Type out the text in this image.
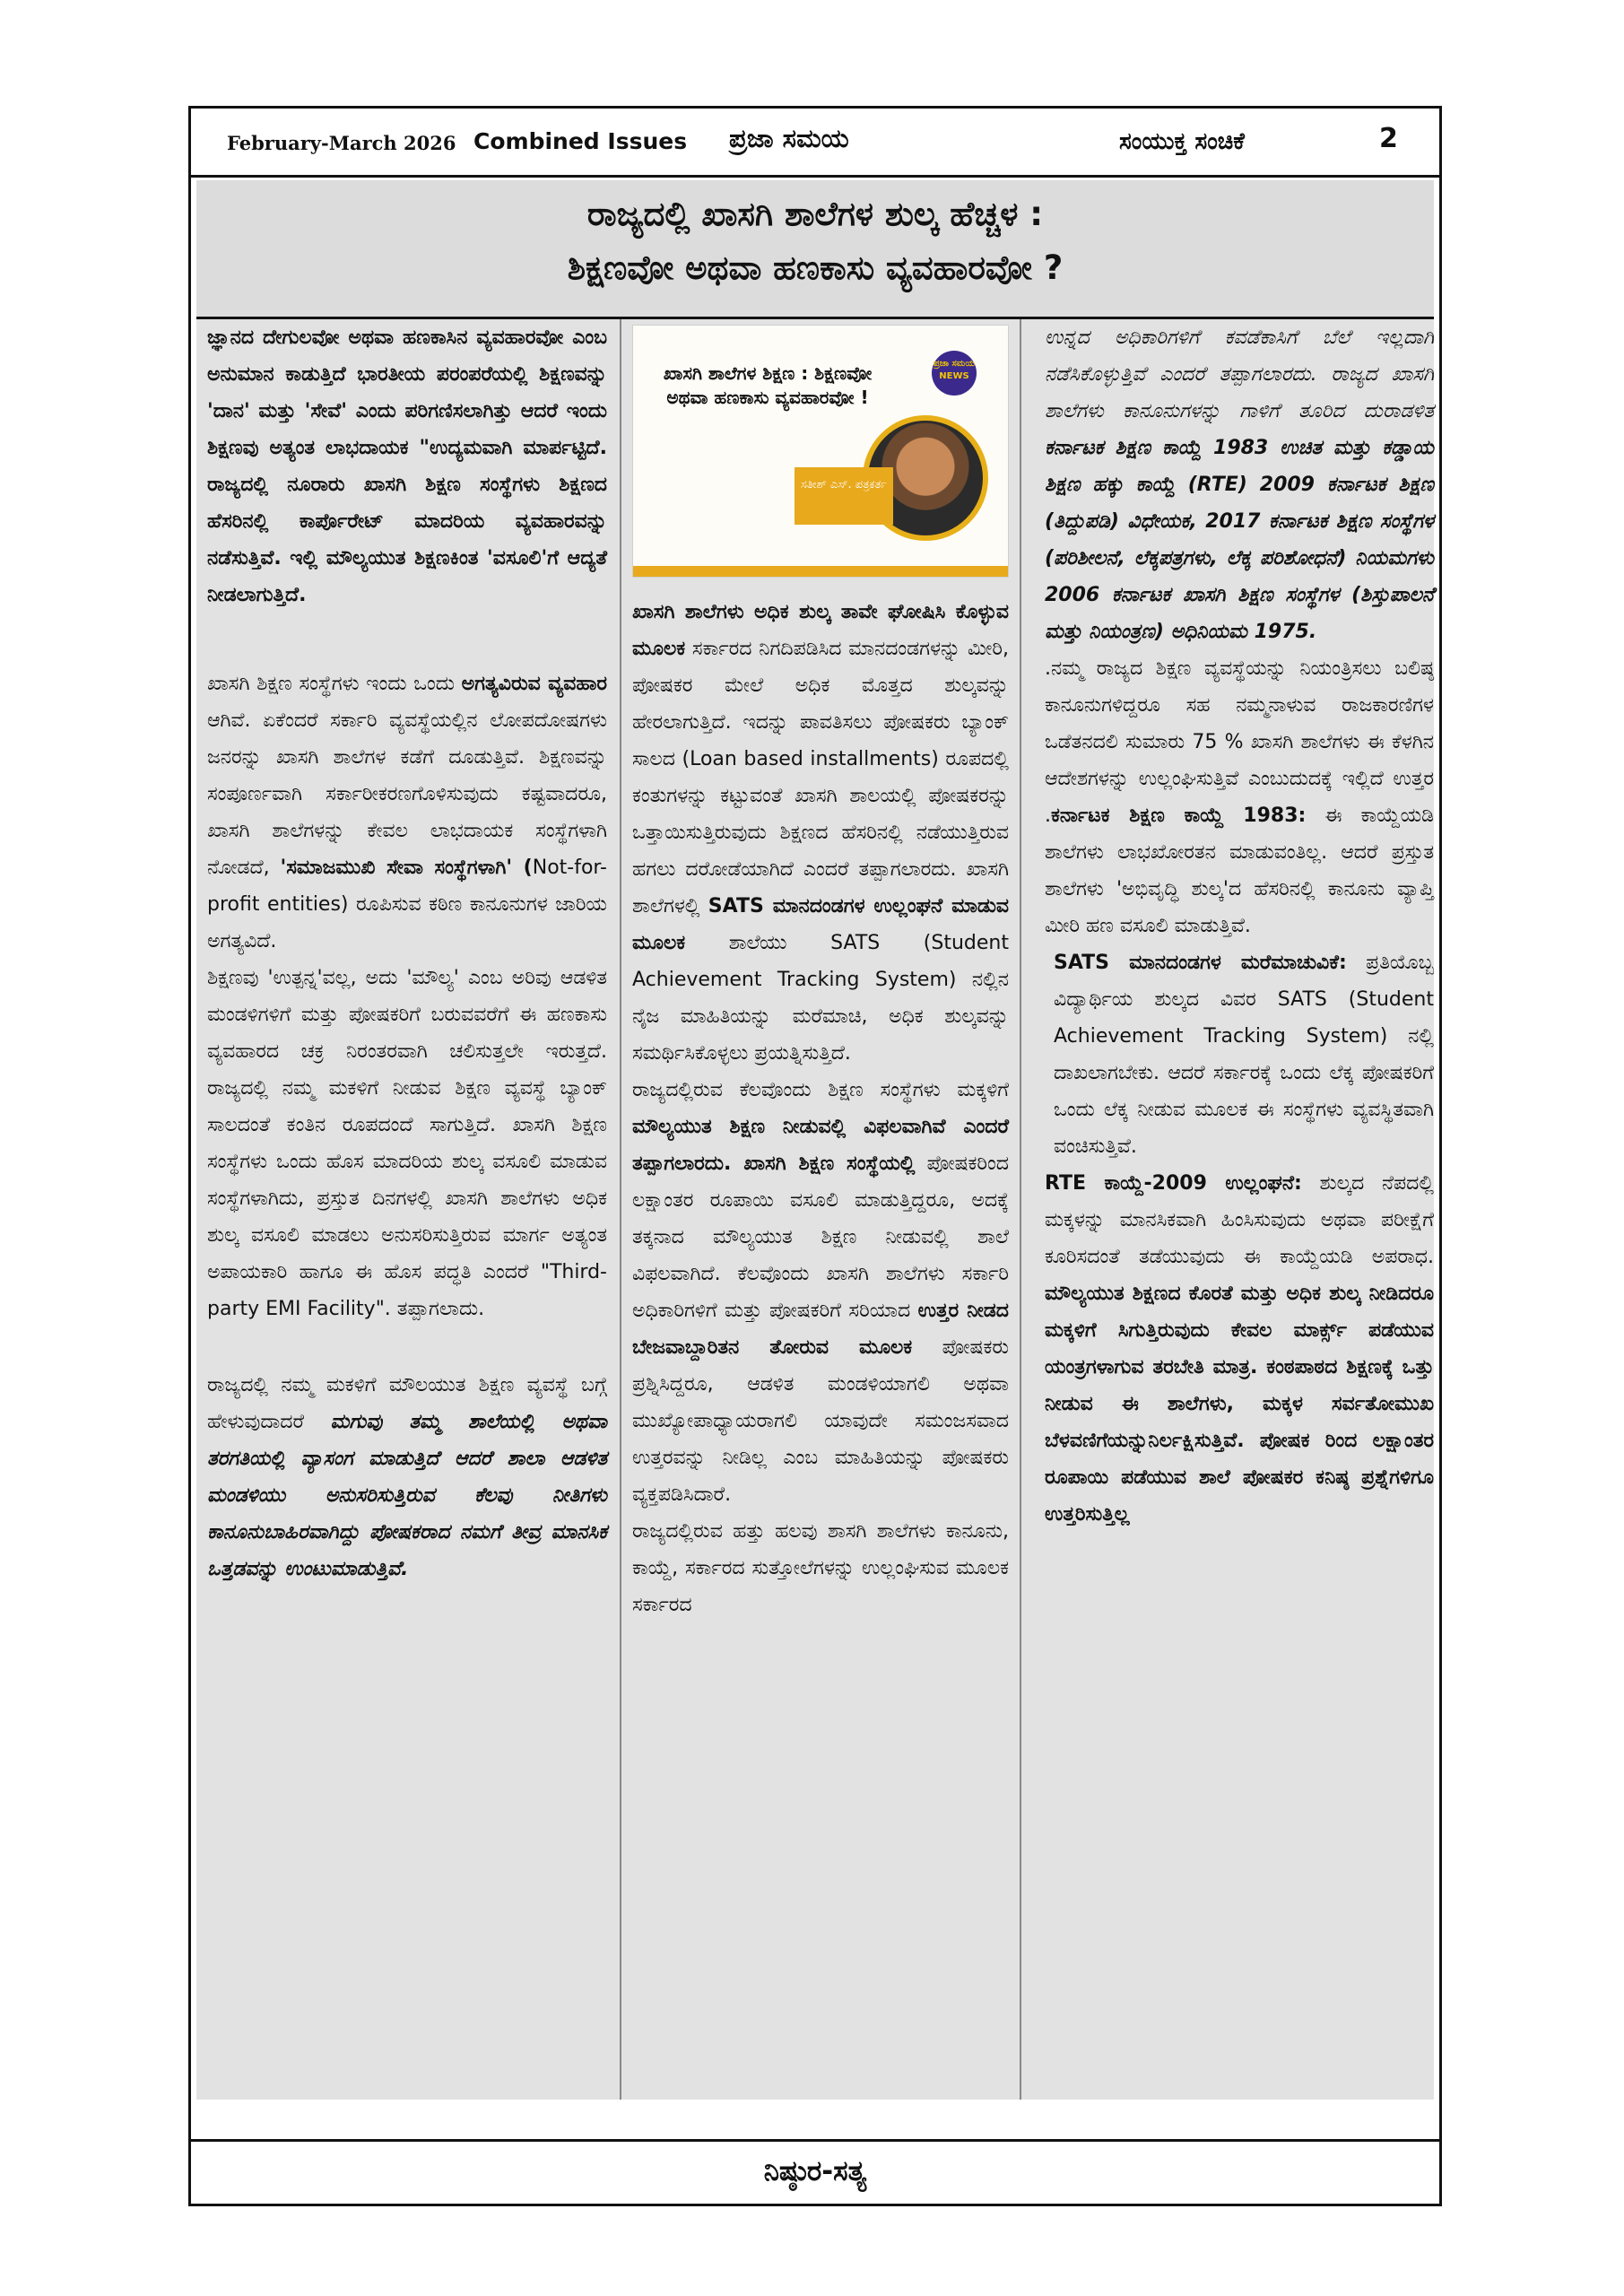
February-March 2026 Combined Issues ಪ್ರಜಾ ಸಮಯ	ಸಂಯುಕ್ತ ಸಂಚಿಕೆ	2
ರಾಜ್ಯದಲ್ಲಿ ಖಾಸಗಿ ಶಾಲೆಗಳ ಶುಲ್ಕ ಹೆಚ್ಚಳ :
ಶಿಕ್ಷಣವೋ ಅಥವಾ ಹಣಕಾಸು ವ್ಯವಹಾರವೋ ?

ಜ್ಞಾನದ ದೇಗುಲವೋ ಅಥವಾ ಹಣಕಾಸಿನ ವ್ಯವಹಾರವೋ ಎಂಬ ಅನುಮಾನ ಕಾಡುತ್ತಿದೆ ಭಾರತೀಯ ಪರಂಪರೆಯಲ್ಲಿ ಶಿಕ್ಷಣವನ್ನು 'ದಾನ' ಮತ್ತು 'ಸೇವೆ' ಎಂದು ಪರಿಗಣಿಸಲಾಗಿತ್ತು ಆದರೆ ಇಂದು ಶಿಕ್ಷಣವು ಅತ್ಯಂತ ಲಾಭದಾಯಕ "ಉದ್ಯಮವಾಗಿ ಮಾರ್ಪಟ್ಟಿದೆ. ರಾಜ್ಯದಲ್ಲಿ ನೂರಾರು ಖಾಸಗಿ ಶಿಕ್ಷಣ ಸಂಸ್ಥೆಗಳು ಶಿಕ್ಷಣದ ಹೆಸರಿನಲ್ಲಿ ಕಾರ್ಪೊರೇಟ್ ಮಾದರಿಯ ವ್ಯವಹಾರವನ್ನು ನಡೆಸುತ್ತಿವೆ. ಇಲ್ಲಿ ಮೌಲ್ಯಯುತ ಶಿಕ್ಷಣಕಿಂತ 'ವಸೂಲಿ'ಗೆ ಆದ್ಯತೆ ನೀಡಲಾಗುತ್ತಿದೆ.

ಖಾಸಗಿ ಶಿಕ್ಷಣ ಸಂಸ್ಥೆಗಳು ಇಂದು ಒಂದು ಅಗತ್ಯವಿರುವ ವ್ಯವಹಾರ ಆಗಿವೆ. ಏಕೆಂದರೆ ಸರ್ಕಾರಿ ವ್ಯವಸ್ಥೆಯಲ್ಲಿನ ಲೋಪದೋಷಗಳು ಜನರನ್ನು ಖಾಸಗಿ ಶಾಲೆಗಳ ಕಡೆಗೆ ದೂಡುತ್ತಿವೆ. ಶಿಕ್ಷಣವನ್ನು ಸಂಪೂರ್ಣವಾಗಿ ಸರ್ಕಾರೀಕರಣಗೊಳಿಸುವುದು ಕಷ್ಟವಾದರೂ, ಖಾಸಗಿ ಶಾಲೆಗಳನ್ನು ಕೇವಲ ಲಾಭದಾಯಕ ಸಂಸ್ಥೆಗಳಾಗಿ ನೋಡದೆ, 'ಸಮಾಜಮುಖಿ ಸೇವಾ ಸಂಸ್ಥೆಗಳಾಗಿ' (Not-for-profit entities) ರೂಪಿಸುವ ಕಠಿಣ ಕಾನೂನುಗಳ ಜಾರಿಯ ಅಗತ್ಯವಿದೆ.

ಶಿಕ್ಷಣವು 'ಉತ್ಪನ್ನ'ವಲ್ಲ, ಅದು 'ಮೌಲ್ಯ' ಎಂಬ ಅರಿವು ಆಡಳಿತ ಮಂಡಳಿಗಳಿಗೆ ಮತ್ತು ಪೋಷಕರಿಗೆ ಬರುವವರೆಗೆ ಈ ಹಣಕಾಸು ವ್ಯವಹಾರದ ಚಕ್ರ ನಿರಂತರವಾಗಿ ಚಲಿಸುತ್ತಲೇ ಇರುತ್ತದೆ. ರಾಜ್ಯದಲ್ಲಿ ನಮ್ಮ ಮಕಳಿಗೆ ನೀಡುವ ಶಿಕ್ಷಣ ವ್ಯವಸ್ಥೆ ಬ್ಯಾಂಕ್ ಸಾಲದಂತೆ ಕಂತಿನ ರೂಪದಂದೆ ಸಾಗುತ್ತಿದೆ. ಖಾಸಗಿ ಶಿಕ್ಷಣ ಸಂಸ್ಥೆಗಳು ಒಂದು ಹೊಸ ಮಾದರಿಯ ಶುಲ್ಕ ವಸೂಲಿ ಮಾಡುವ ಸಂಸ್ಥೆಗಳಾಗಿದು, ಪ್ರಸ್ತುತ ದಿನಗಳಲ್ಲಿ ಖಾಸಗಿ ಶಾಲೆಗಳು ಅಧಿಕ ಶುಲ್ಕ ವಸೂಲಿ ಮಾಡಲು ಅನುಸರಿಸುತ್ತಿರುವ ಮಾರ್ಗ ಅತ್ಯಂತ ಅಪಾಯಕಾರಿ ಹಾಗೂ ಈ ಹೊಸ ಪದ್ಧತಿ ಎಂದರೆ "Third-party EMI Facility". ತಪ್ಪಾಗಲಾದು.

ರಾಜ್ಯದಲ್ಲಿ ನಮ್ಮ ಮಕಳಿಗೆ ಮೌಲಯುತ ಶಿಕ್ಷಣ ವ್ಯವಸ್ಥೆ ಬಗ್ಗೆ ಹೇಳುವುದಾದರೆ ಮಗುವು ತಮ್ಮ ಶಾಲೆಯಲ್ಲಿ ಅಥವಾ ತರಗತಿಯಲ್ಲಿ ವ್ಯಾಸಂಗ ಮಾಡುತ್ತಿದೆ ಆದರೆ ಶಾಲಾ ಆಡಳಿತ ಮಂಡಳಿಯು ಅನುಸರಿಸುತ್ತಿರುವ ಕೆಲವು ನೀತಿಗಳು ಕಾನೂನುಬಾಹಿರವಾಗಿದ್ದು ಪೋಷಕರಾದ ನಮಗೆ ತೀವ್ರ ಮಾನಸಿಕ ಒತ್ತಡವನ್ನು ಉಂಟುಮಾಡುತ್ತಿವೆ.

ಖಾಸಗಿ ಶಾಲೆಗಳ ಶಿಕ್ಷಣ : ಶಿಕ್ಷಣವೋ ಅಥವಾ ಹಣಕಾಸು ವ್ಯವಹಾರವೋ !
ಪ್ರಜಾ ಸಮಯ NEWS
ಸತೀಶ್ ಎಸ್. ಪತ್ರಕರ್ತ

ಖಾಸಗಿ ಶಾಲೆಗಳು ಅಧಿಕ ಶುಲ್ಕ ತಾವೇ ಘೋಷಿಸಿ ಕೊಳ್ಳುವ ಮೂಲಕ ಸರ್ಕಾರದ ನಿಗದಿಪಡಿಸಿದ ಮಾನದಂಡಗಳನ್ನು ಮೀರಿ, ಪೋಷಕರ ಮೇಲೆ ಅಧಿಕ ಮೊತ್ತದ ಶುಲ್ಕವನ್ನು ಹೇರಲಾಗುತ್ತಿದೆ. ಇದನ್ನು ಪಾವತಿಸಲು ಪೋಷಕರು ಬ್ಯಾಂಕ್ ಸಾಲದ (Loan based installments) ರೂಪದಲ್ಲಿ ಕಂತುಗಳನ್ನು ಕಟ್ಟುವಂತೆ ಖಾಸಗಿ ಶಾಲಯಲ್ಲಿ ಪೋಷಕರನ್ನು ಒತ್ತಾಯಿಸುತ್ತಿರುವುದು ಶಿಕ್ಷಣದ ಹೆಸರಿನಲ್ಲಿ ನಡೆಯುತ್ತಿರುವ ಹಗಲು ದರೋಡೆಯಾಗಿದೆ ಎಂದರೆ ತಪ್ಪಾಗಲಾರದು. ಖಾಸಗಿ ಶಾಲೆಗಳಲ್ಲಿ SATS ಮಾನದಂಡಗಳ ಉಲ್ಲಂಘನೆ ಮಾಡುವ ಮೂಲಕ ಶಾಲೆಯು SATS (Student Achievement Tracking System) ನಲ್ಲಿನ ನೈಜ ಮಾಹಿತಿಯನ್ನು ಮರೆಮಾಚಿ, ಅಧಿಕ ಶುಲ್ಕವನ್ನು ಸಮರ್ಥಿಸಿಕೊಳ್ಳಲು ಪ್ರಯತ್ನಿಸುತ್ತಿದೆ.

ರಾಜ್ಯದಲ್ಲಿರುವ ಕೆಲವೊಂದು ಶಿಕ್ಷಣ ಸಂಸ್ಥೆಗಳು ಮಕ್ಕಳಿಗೆ ಮೌಲ್ಯಯುತ ಶಿಕ್ಷಣ ನೀಡುವಲ್ಲಿ ವಿಫಲವಾಗಿವೆ ಎಂದರೆ ತಪ್ಪಾಗಲಾರದು. ಖಾಸಗಿ ಶಿಕ್ಷಣ ಸಂಸ್ಥೆಯಲ್ಲಿ ಪೋಷಕರಿಂದ ಲಕ್ಷಾಂತರ ರೂಪಾಯಿ ವಸೂಲಿ ಮಾಡುತ್ತಿದ್ದರೂ, ಅದಕ್ಕೆ ತಕ್ಕನಾದ ಮೌಲ್ಯಯುತ ಶಿಕ್ಷಣ ನೀಡುವಲ್ಲಿ ಶಾಲೆ ವಿಫಲವಾಗಿದೆ. ಕೆಲವೊಂದು ಖಾಸಗಿ ಶಾಲೆಗಳು ಸರ್ಕಾರಿ ಅಧಿಕಾರಿಗಳಿಗೆ ಮತ್ತು ಪೋಷಕರಿಗೆ ಸರಿಯಾದ ಉತ್ತರ ನೀಡದ ಬೇಜವಾಬ್ದಾರಿತನ ತೋರುವ ಮೂಲಕ ಪೋಷಕರು ಪ್ರಶ್ನಿಸಿದ್ದರೂ, ಆಡಳಿತ ಮಂಡಳಿಯಾಗಲಿ ಅಥವಾ ಮುಖ್ಯೋಪಾಧ್ಯಾಯರಾಗಲಿ ಯಾವುದೇ ಸಮಂಜಸವಾದ ಉತ್ತರವನ್ನು ನೀಡಿಲ್ಲ ಎಂಬ ಮಾಹಿತಿಯನ್ನು ಪೋಷಕರು ವ್ಯಕ್ತಪಡಿಸಿದಾರೆ.

ರಾಜ್ಯದಲ್ಲಿರುವ ಹತ್ತು ಹಲವು ಶಾಸಗಿ ಶಾಲೆಗಳು ಕಾನೂನು, ಕಾಯ್ದೆ, ಸರ್ಕಾರದ ಸುತ್ತೋಲೆಗಳನ್ನು ಉಲ್ಲಂಘಿಸುವ ಮೂಲಕ ಸರ್ಕಾರದ

ಉನ್ನದ ಅಧಿಕಾರಿಗಳಿಗೆ ಕವಡೆಕಾಸಿಗೆ ಬೆಲೆ ಇಲ್ಲದಾಗಿ ನಡೆಸಿಕೊಳ್ಳುತ್ತಿವೆ ಎಂದರೆ ತಪ್ಪಾಗಲಾರದು. ರಾಜ್ಯದ ಖಾಸಗಿ ಶಾಲೆಗಳು ಕಾನೂನುಗಳನ್ನು ಗಾಳಿಗೆ ತೂರಿದ ದುರಾಡಳಿತ ಕರ್ನಾಟಕ ಶಿಕ್ಷಣ ಕಾಯ್ದೆ 1983 ಉಚಿತ ಮತ್ತು ಕಡ್ಡಾಯ ಶಿಕ್ಷಣ ಹಕ್ಕು ಕಾಯ್ದೆ (RTE) 2009 ಕರ್ನಾಟಕ ಶಿಕ್ಷಣ (ತಿದ್ದುಪಡಿ) ವಿಧೇಯಕ, 2017 ಕರ್ನಾಟಕ ಶಿಕ್ಷಣ ಸಂಸ್ಥೆಗಳ (ಪರಿಶೀಲನೆ, ಲೆಕ್ಕಪತ್ರಗಳು, ಲೆಕ್ಕ ಪರಿಶೋಧನೆ) ನಿಯಮಗಳು 2006 ಕರ್ನಾಟಕ ಖಾಸಗಿ ಶಿಕ್ಷಣ ಸಂಸ್ಥೆಗಳ (ಶಿಸ್ತುಪಾಲನೆ ಮತ್ತು ನಿಯಂತ್ರಣ) ಅಧಿನಿಯಮ 1975.

.ನಮ್ಮ ರಾಜ್ಯದ ಶಿಕ್ಷಣ ವ್ಯವಸ್ಥೆಯನ್ನು ನಿಯಂತ್ರಿಸಲು ಬಲಿಷ್ಠ ಕಾನೂನುಗಳಿದ್ದರೂ ಸಹ ನಮ್ಮನಾಳುವ ರಾಜಕಾರಣಿಗಳ ಒಡೆತನದಲಿ ಸುಮಾರು 75 % ಖಾಸಗಿ ಶಾಲೆಗಳು ಈ ಕೆಳಗಿನ ಆದೇಶಗಳನ್ನು ಉಲ್ಲಂಘಿಸುತ್ತಿವೆ ಎಂಬುದುದಕ್ಕೆ ಇಲ್ಲಿದೆ ಉತ್ತರ .ಕರ್ನಾಟಕ ಶಿಕ್ಷಣ ಕಾಯ್ದೆ 1983: ಈ ಕಾಯ್ದೆಯಡಿ ಶಾಲೆಗಳು ಲಾಭಖೋರತನ ಮಾಡುವಂತಿಲ್ಲ. ಆದರೆ ಪ್ರಸ್ತುತ ಶಾಲೆಗಳು 'ಅಭಿವೃದ್ಧಿ ಶುಲ್ಕ'ದ ಹೆಸರಿನಲ್ಲಿ ಕಾನೂನು ವ್ಯಾಪ್ತಿ ಮೀರಿ ಹಣ ವಸೂಲಿ ಮಾಡುತ್ತಿವೆ.

SATS ಮಾನದಂಡಗಳ ಮರೆಮಾಚುವಿಕೆ: ಪ್ರತಿಯೊಬ್ಬ ವಿದ್ಯಾರ್ಥಿಯ ಶುಲ್ಕದ ವಿವರ SATS (Student Achievement Tracking System) ನಲ್ಲಿ ದಾಖಲಾಗಬೇಕು. ಆದರೆ ಸರ್ಕಾರಕ್ಕೆ ಒಂದು ಲೆಕ್ಕ ಪೋಷಕರಿಗೆ ಒಂದು ಲೆಕ್ಕ ನೀಡುವ ಮೂಲಕ ಈ ಸಂಸ್ಥೆಗಳು ವ್ಯವಸ್ಥಿತವಾಗಿ ವಂಚಿಸುತ್ತಿವೆ.

RTE ಕಾಯ್ದೆ-2009 ಉಲ್ಲಂಘನೆ: ಶುಲ್ಕದ ನೆಪದಲ್ಲಿ ಮಕ್ಕಳನ್ನು ಮಾನಸಿಕವಾಗಿ ಹಿಂಸಿಸುವುದು ಅಥವಾ ಪರೀಕ್ಷೆಗೆ ಕೂರಿಸದಂತೆ ತಡೆಯುವುದು ಈ ಕಾಯ್ದೆಯಡಿ ಅಪರಾಧ. ಮೌಲ್ಯಯುತ ಶಿಕ್ಷಣದ ಕೊರತೆ ಮತ್ತು ಅಧಿಕ ಶುಲ್ಕ ನೀಡಿದರೂ ಮಕ್ಕಳಿಗೆ ಸಿಗುತ್ತಿರುವುದು ಕೇವಲ ಮಾರ್ಕ್ಸ್ ಪಡೆಯುವ ಯಂತ್ರಗಳಾಗುವ ತರಬೇತಿ ಮಾತ್ರ. ಕಂಠಪಾಠದ ಶಿಕ್ಷಣಕ್ಕೆ ಒತ್ತು ನೀಡುವ ಈ ಶಾಲೆಗಳು, ಮಕ್ಕಳ ಸರ್ವತೋಮುಖ ಬೆಳವಣಿಗೆಯನ್ನುನಿರ್ಲಕ್ಷಿಸುತ್ತಿವೆ. ಪೋಷಕ ರಿಂದ ಲಕ್ಷಾಂತರ ರೂಪಾಯಿ ಪಡೆಯುವ ಶಾಲೆ ಪೋಷಕರ ಕನಿಷ್ಠ ಪ್ರಶ್ನೆಗಳಿಗೂ ಉತ್ತರಿಸುತ್ತಿಲ್ಲ

ನಿಷ್ಠುರ-ಸತ್ಯ
